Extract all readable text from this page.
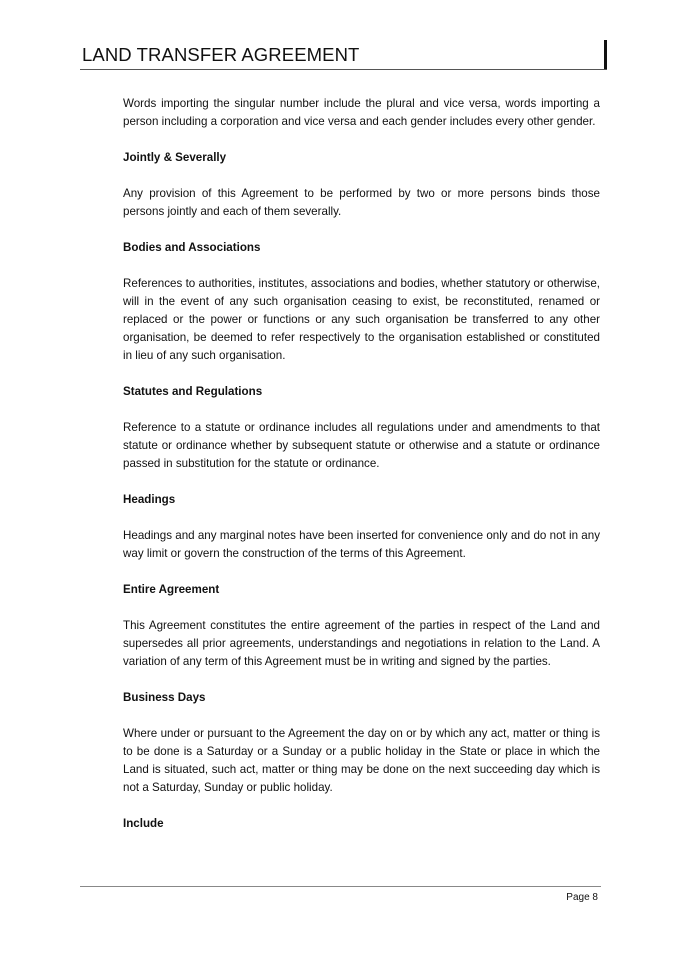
LAND TRANSFER AGREEMENT

Words importing the singular number include the plural and vice versa, words importing a person including a corporation and vice versa and each gender includes every other gender.

Jointly & Severally

Any provision of this Agreement to be performed by two or more persons binds those persons jointly and each of them severally.

Bodies and Associations

References to authorities, institutes, associations and bodies, whether statutory or otherwise, will in the event of any such organisation ceasing to exist, be reconstituted, renamed or replaced or the power or functions or any such organisation be transferred to any other organisation, be deemed to refer respectively to the organisation established or constituted in lieu of any such organisation.

Statutes and Regulations

Reference to a statute or ordinance includes all regulations under and amendments to that statute or ordinance whether by subsequent statute or otherwise and a statute or ordinance passed in substitution for the statute or ordinance.

Headings

Headings and any marginal notes have been inserted for convenience only and do not in any way limit or govern the construction of the terms of this Agreement.

Entire Agreement

This Agreement constitutes the entire agreement of the parties in respect of the Land and supersedes all prior agreements, understandings and negotiations in relation to the Land. A variation of any term of this Agreement must be in writing and signed by the parties.

Business Days

Where under or pursuant to the Agreement the day on or by which any act, matter or thing is to be done is a Saturday or a Sunday or a public holiday in the State or place in which the Land is situated, such act, matter or thing may be done on the next succeeding day which is not a Saturday, Sunday or public holiday.

Include
Page 8
